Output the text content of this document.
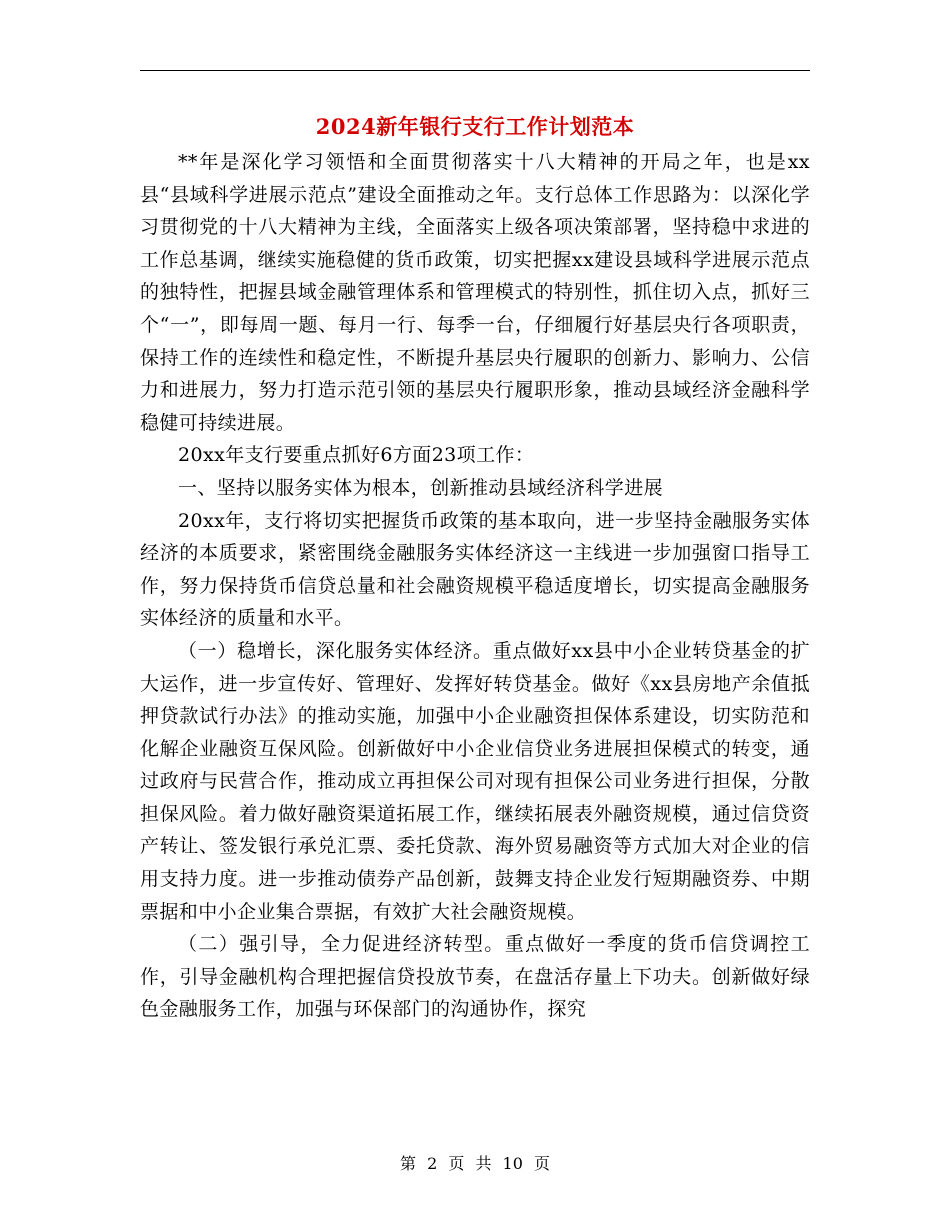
2024新年银行支行工作计划范本

**年是深化学习领悟和全面贯彻落实十八大精神的开局之年，也是xx县“县域科学进展示范点”建设全面推动之年。支行总体工作思路为：以深化学习贯彻党的十八大精神为主线，全面落实上级各项决策部署，坚持稳中求进的工作总基调，继续实施稳健的货币政策，切实把握xx建设县域科学进展示范点的独特性，把握县域金融管理体系和管理模式的特别性，抓住切入点，抓好三个“一”，即每周一题、每月一行、每季一台，仔细履行好基层央行各项职责，保持工作的连续性和稳定性，不断提升基层央行履职的创新力、影响力、公信力和进展力，努力打造示范引领的基层央行履职形象，推动县域经济金融科学稳健可持续进展。

20xx年支行要重点抓好6方面23项工作：

一、坚持以服务实体为根本，创新推动县域经济科学进展

20xx年，支行将切实把握货币政策的基本取向，进一步坚持金融服务实体经济的本质要求，紧密围绕金融服务实体经济这一主线进一步加强窗口指导工作，努力保持货币信贷总量和社会融资规模平稳适度增长，切实提高金融服务实体经济的质量和水平。

（一）稳增长，深化服务实体经济。重点做好xx县中小企业转贷基金的扩大运作，进一步宣传好、管理好、发挥好转贷基金。做好《xx县房地产余值抵押贷款试行办法》的推动实施，加强中小企业融资担保体系建设，切实防范和化解企业融资互保风险。创新做好中小企业信贷业务进展担保模式的转变，通过政府与民营合作，推动成立再担保公司对现有担保公司业务进行担保，分散担保风险。着力做好融资渠道拓展工作，继续拓展表外融资规模，通过信贷资产转让、签发银行承兑汇票、委托贷款、海外贸易融资等方式加大对企业的信用支持力度。进一步推动债券产品创新，鼓舞支持企业发行短期融资券、中期票据和中小企业集合票据，有效扩大社会融资规模。

（二）强引导，全力促进经济转型。重点做好一季度的货币信贷调控工作，引导金融机构合理把握信贷投放节奏，在盘活存量上下功夫。创新做好绿色金融服务工作，加强与环保部门的沟通协作，探究

第 2 页 共 10 页
